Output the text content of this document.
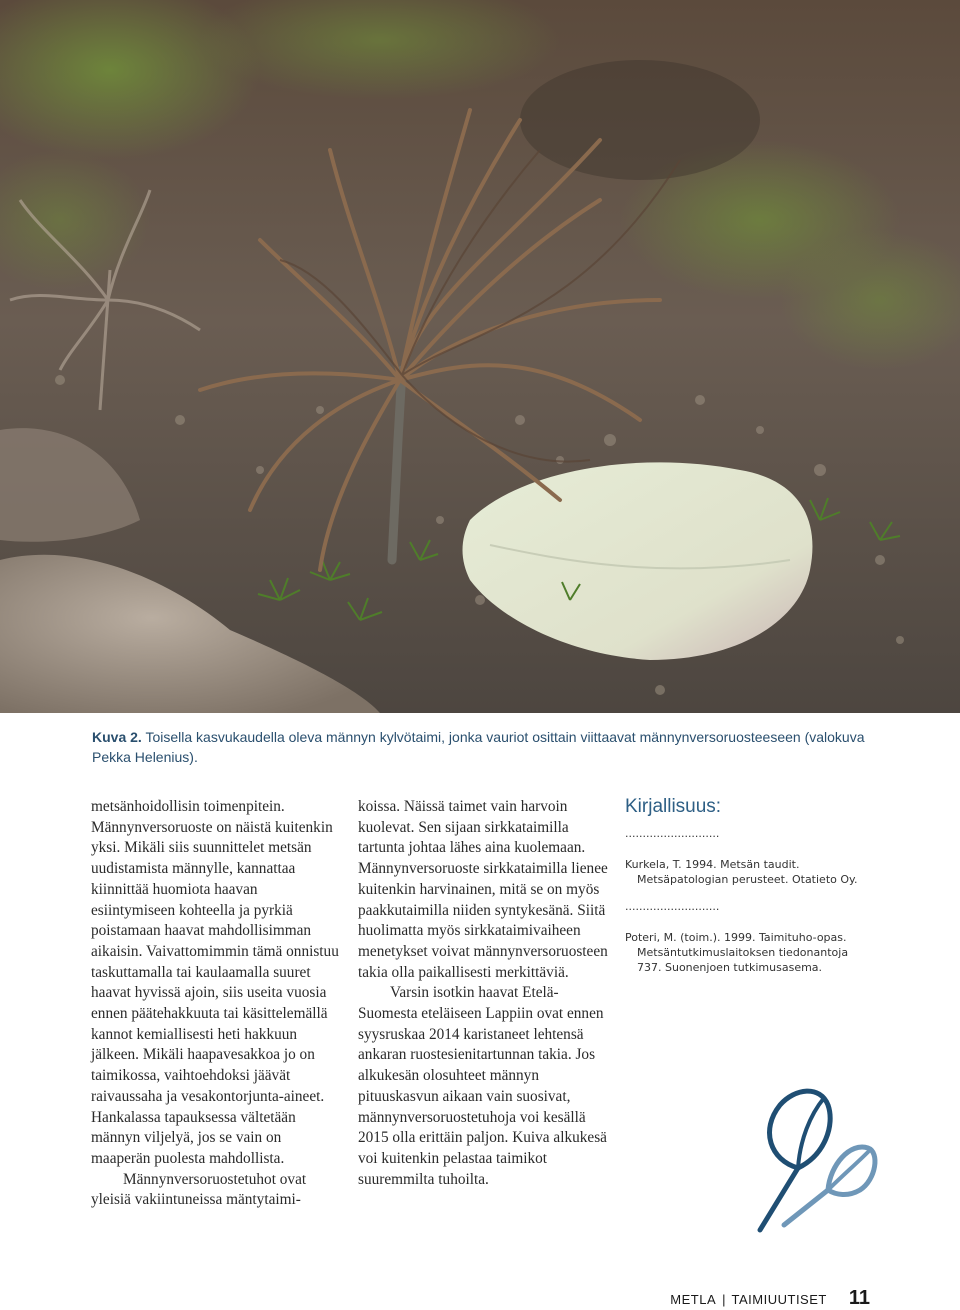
Kuva 2. Toisella kasvukaudella oleva männyn kylvötaimi, jonka vauriot osittain viittaavat männynversoruosteeseen (valokuva Pekka Helenius).

metsänhoidollisin toimenpitein. Männynversoruoste on näistä kuitenkin yksi. Mikäli siis suunnittelet metsän uudistamista männylle, kannattaa kiinnittää huomiota haavan esiintymiseen kohteella ja pyrkiä poistamaan haavat mahdollisimman aikaisin. Vaivattomimmin tämä onnistuu taskuttamalla tai kaulaamalla suuret haavat hyvissä ajoin, siis useita vuosia ennen päätehakkuuta tai käsittelemällä kannot kemiallisesti heti hakkuun jälkeen. Mikäli haapavesakkoa jo on taimikossa, vaihtoehdoksi jäävät raivaussaha ja vesakontorjunta-aineet. Hankalassa tapauksessa vältetään männyn viljelyä, jos se vain on maaperän puolesta mahdollista.

Männynversoruostetuhot ovat yleisiä vakiintuneissa mäntytaimi-

koissa. Näissä taimet vain harvoin kuolevat. Sen sijaan sirkkataimilla tartunta johtaa lähes aina kuolemaan. Männynversoruoste sirkkataimilla lienee kuitenkin harvinainen, mitä se on myös paakkutaimilla niiden syntykesänä. Siitä huolimatta myös sirkkataimivaiheen menetykset voivat männynversoruosteen takia olla paikallisesti merkittäviä.

Varsin isotkin haavat Etelä-Suomesta eteläiseen Lappiin ovat ennen syysruskaa 2014 karistaneet lehtensä ankaran ruostesienitartunnan takia. Jos alkukesän olosuhteet männyn pituuskasvun aikaan vain suosivat, männynversoruostetuhoja voi kesällä 2015 olla erittäin paljon. Kuiva alkukesä voi kuitenkin pelastaa taimikot suuremmilta tuhoilta.

Kirjallisuus:

...........................

Kurkela, T. 1994. Metsän taudit. Metsäpatologian perusteet. Otatieto Oy.

...........................

Poteri, M. (toim.). 1999. Taimituho-opas. Metsäntutkimuslaitoksen tiedonantoja 737. Suonenjoen tutkimusasema.

METLA | TAIMIUUTISET 11
